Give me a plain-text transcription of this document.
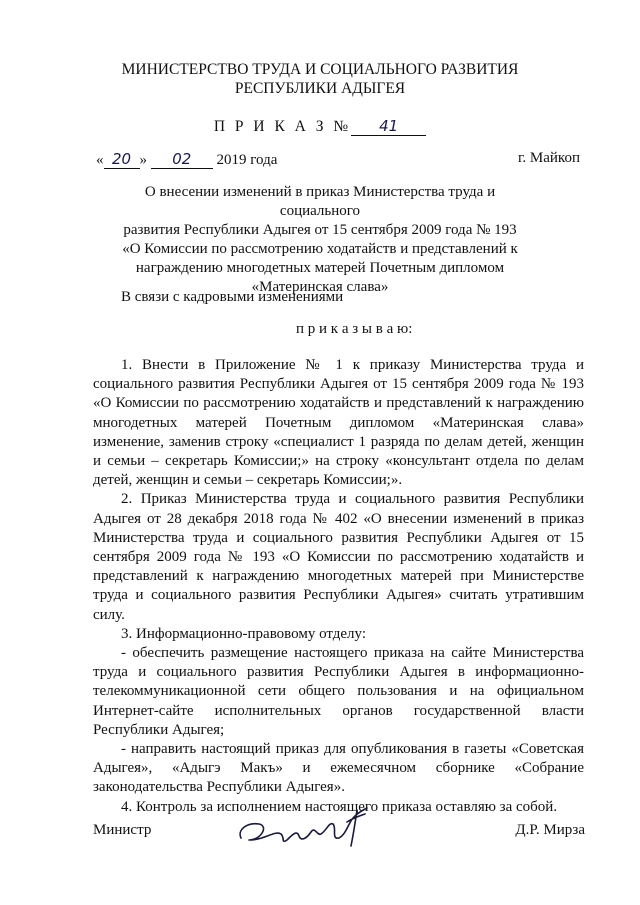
МИНИСТЕРСТВО ТРУДА И СОЦИАЛЬНОГО РАЗВИТИЯ
РЕСПУБЛИКИ АДЫГЕЯ
П Р И К А З № 41
« 20 » 02 2019 года	г. Майкоп
О внесении изменений в приказ Министерства труда и социального
развития Республики Адыгея от 15 сентября 2009 года № 193
«О Комиссии по рассмотрению ходатайств и представлений к
награждению многодетных матерей Почетным дипломом
«Материнская слава»
В связи с кадровыми изменениями
п р и к а з ы в а ю:

1. Внести в Приложение № 1 к приказу Министерства труда и социального развития Республики Адыгея от 15 сентября 2009 года № 193 «О Комиссии по рассмотрению ходатайств и представлений к награждению многодетных матерей Почетным дипломом «Материнская слава» изменение, заменив строку «специалист 1 разряда по делам детей, женщин и семьи – секретарь Комиссии;» на строку «консультант отдела по делам детей, женщин и семьи – секретарь Комиссии;».

2. Приказ Министерства труда и социального развития Республики Адыгея от 28 декабря 2018 года № 402 «О внесении изменений в приказ Министерства труда и социального развития Республики Адыгея от 15 сентября 2009 года № 193 «О Комиссии по рассмотрению ходатайств и представлений к награждению многодетных матерей при Министерстве труда и социального развития Республики Адыгея» считать утратившим силу.

3. Информационно-правовому отделу:

- обеспечить размещение настоящего приказа на сайте Министерства труда и социального развития Республики Адыгея в информационно-телекоммуникационной сети общего пользования и на официальном Интернет-сайте исполнительных органов государственной власти Республики Адыгея;

- направить настоящий приказ для опубликования в газеты «Советская Адыгея», «Адыгэ Макъ» и ежемесячном сборнике «Собрание законодательства Республики Адыгея».

4. Контроль за исполнением настоящего приказа оставляю за собой.

Министр	Д.Р. Мирза
